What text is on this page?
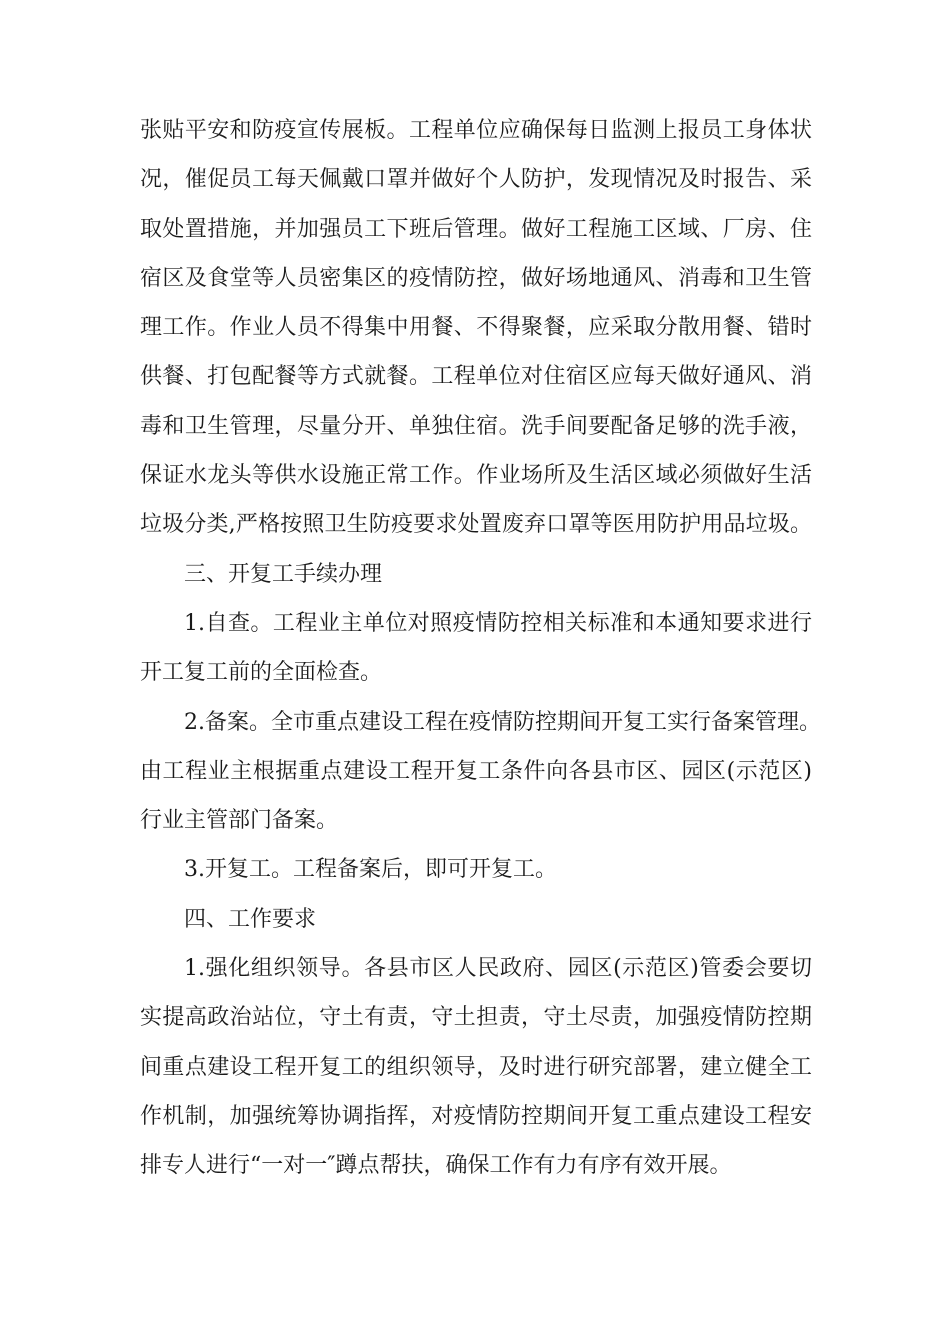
张贴平安和防疫宣传展板。工程单位应确保每日监测上报员工身体状
况，催促员工每天佩戴口罩并做好个人防护，发现情况及时报告、采
取处置措施，并加强员工下班后管理。做好工程施工区域、厂房、住
宿区及食堂等人员密集区的疫情防控，做好场地通风、消毒和卫生管
理工作。作业人员不得集中用餐、不得聚餐，应采取分散用餐、错时
供餐、打包配餐等方式就餐。工程单位对住宿区应每天做好通风、消
毒和卫生管理，尽量分开、单独住宿。洗手间要配备足够的洗手液，
保证水龙头等供水设施正常工作。作业场所及生活区域必须做好生活
垃圾分类,严格按照卫生防疫要求处置废弃口罩等医用防护用品垃圾。
三、开复工手续办理
1.自查。工程业主单位对照疫情防控相关标准和本通知要求进行
开工复工前的全面检查。
2.备案。全市重点建设工程在疫情防控期间开复工实行备案管理。
由工程业主根据重点建设工程开复工条件向各县市区、园区(示范区)
行业主管部门备案。
3.开复工。工程备案后，即可开复工。
四、工作要求
1.强化组织领导。各县市区人民政府、园区(示范区)管委会要切
实提高政治站位，守土有责，守土担责，守土尽责，加强疫情防控期
间重点建设工程开复工的组织领导，及时进行研究部署，建立健全工
作机制，加强统筹协调指挥，对疫情防控期间开复工重点建设工程安
排专人进行“一对一″蹲点帮扶，确保工作有力有序有效开展。
